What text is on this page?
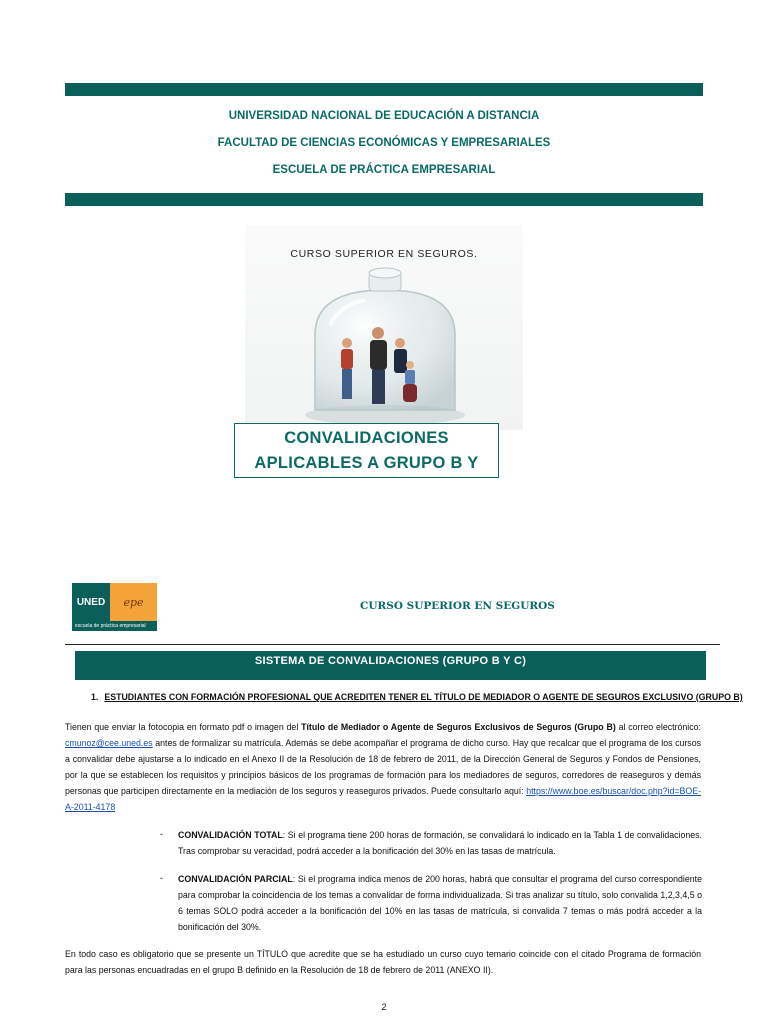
UNIVERSIDAD NACIONAL DE EDUCACIÓN A DISTANCIA
FACULTAD DE CIENCIAS ECONÓMICAS Y EMPRESARIALES
ESCUELA DE PRÁCTICA EMPRESARIAL
CURSO SUPERIOR EN SEGUROS.
CONVALIDACIONES
APLICABLES A GRUPO B Y
UNED	epe
escuela de práctica empresarial
CURSO SUPERIOR EN SEGUROS
SISTEMA DE CONVALIDACIONES (GRUPO B Y C)
1. ESTUDIANTES CON FORMACIÓN PROFESIONAL QUE ACREDITEN TENER EL TÍTULO DE MEDIADOR O AGENTE DE SEGUROS EXCLUSIVO (GRUPO B)
Tienen que enviar la fotocopia en formato pdf o imagen del Título de Mediador o Agente de Seguros Exclusivos de Seguros (Grupo B) al correo electrónico: cmunoz@cee.uned.es antes de formalizar su matrícula. Además se debe acompañar el programa de dicho curso. Hay que recalcar que el programa de los cursos a convalidar debe ajustarse a lo indicado en el Anexo II de la Resolución de 18 de febrero de 2011, de la Dirección General de Seguros y Fondos de Pensiones, por la que se establecen los requisitos y principios básicos de los programas de formación para los mediadores de seguros, corredores de reaseguros y demás personas que participen directamente en la mediación de los seguros y reaseguros privados. Puede consultarlo aquí: https://www.boe.es/buscar/doc.php?id=BOE-A-2011-4178
- CONVALIDACIÓN TOTAL: Si el programa tiene 200 horas de formación, se convalidará lo indicado en la Tabla 1 de convalidaciones. Tras comprobar su veracidad, podrá acceder a la bonificación del 30% en las tasas de matrícula.
- CONVALIDACIÓN PARCIAL: Si el programa indica menos de 200 horas, habrá que consultar el programa del curso correspondiente para comprobar la coincidencia de los temas a convalidar de forma individualizada. Si tras analizar su título, solo convalida 1,2,3,4,5 o 6 temas SOLO podrá acceder a la bonificación del 10% en las tasas de matrícula, si convalida 7 temas o más podrá acceder a la bonificación del 30%.
En todo caso es obligatorio que se presente un TÍTULO que acredite que se ha estudiado un curso cuyo temario coincide con el citado Programa de formación para las personas encuadradas en el grupo B definido en la Resolución de 18 de febrero de 2011 (ANEXO II).
2
